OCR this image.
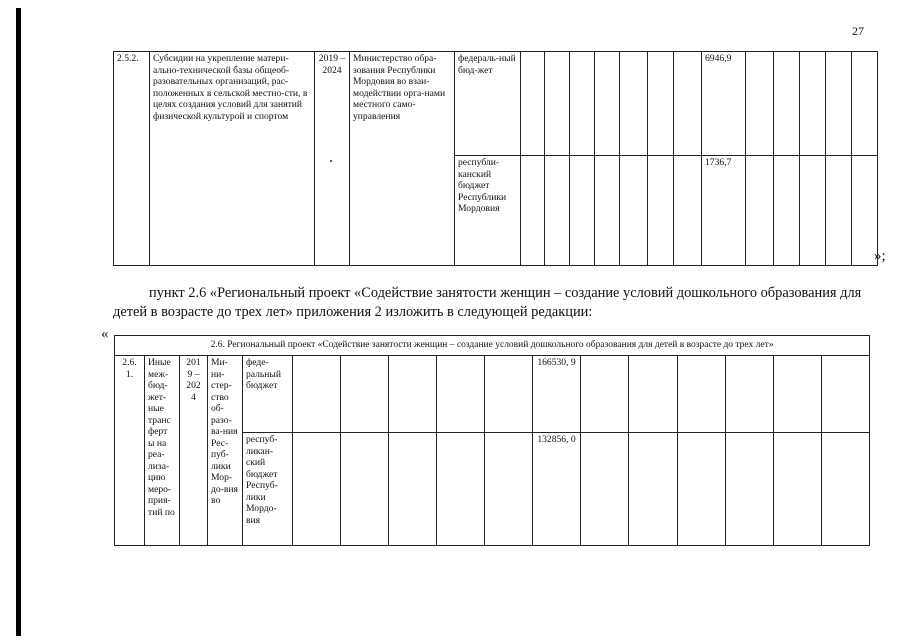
27
2.5.2.	Субсидии на укрепление матери-ально-технической базы общеоб-разовательных организаций, рас-положенных в сельской местно-сти, в целях создания условий для занятий физической культурой и спортом	2019 – 2024	Министерство обра-зования Республики Мордовия во взаи-модействии орга-нами местного само-управления	федераль-ный бюд-жет								6946,9					
				республи-канский бюджет Республики Мордовия								1736,7					
»;
пункт 2.6 «Региональный проект «Содействие занятости женщин – создание условий дошкольного образования для детей в возрасте до трех лет» приложения 2 изложить в следующей редакции:
«
2.6. Региональный проект «Содействие занятости женщин – создание условий дошкольного образования для детей в возрасте до трех лет»																
2.6. 1.	Иные меж-бюд-жет-ные транс ферт ы на реа-лиза-цию меро-прия-тий по	201 9 – 202 4	Ми-ни-стер-ство об-разо-ва-ния Рес-пуб-лики Мор-до-вия во	феде-ральный бюджет						166530, 9						
				респуб-ликан-ский бюджет Респуб-лики Мордо-вия						132856, 0						
